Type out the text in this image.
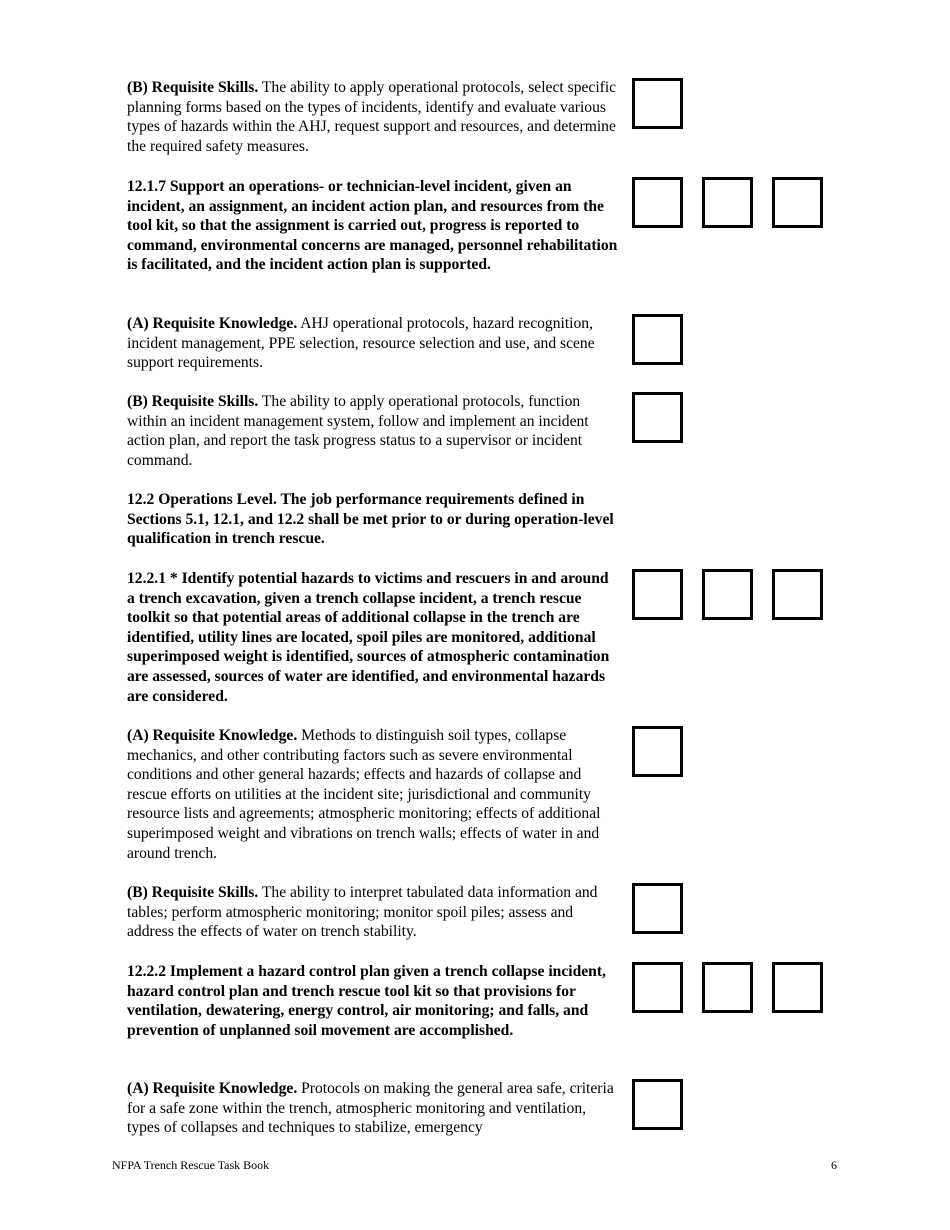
(B) Requisite Skills. The ability to apply operational protocols, select specific planning forms based on the types of incidents, identify and evaluate various types of hazards within the AHJ, request support and resources, and determine the required safety measures.
12.1.7 Support an operations- or technician-level incident, given an incident, an assignment, an incident action plan, and resources from the tool kit, so that the assignment is carried out, progress is reported to command, environmental concerns are managed, personnel rehabilitation is facilitated, and the incident action plan is supported.
(A) Requisite Knowledge. AHJ operational protocols, hazard recognition, incident management, PPE selection, resource selection and use, and scene support requirements.
(B) Requisite Skills. The ability to apply operational protocols, function within an incident management system, follow and implement an incident action plan, and report the task progress status to a supervisor or incident command.
12.2 Operations Level. The job performance requirements defined in Sections 5.1, 12.1, and 12.2 shall be met prior to or during operation-level qualification in trench rescue.
12.2.1 * Identify potential hazards to victims and rescuers in and around a trench excavation, given a trench collapse incident, a trench rescue toolkit so that potential areas of additional collapse in the trench are identified, utility lines are located, spoil piles are monitored, additional superimposed weight is identified, sources of atmospheric contamination are assessed, sources of water are identified, and environmental hazards are considered.
(A) Requisite Knowledge. Methods to distinguish soil types, collapse mechanics, and other contributing factors such as severe environmental conditions and other general hazards; effects and hazards of collapse and rescue efforts on utilities at the incident site; jurisdictional and community resource lists and agreements; atmospheric monitoring; effects of additional superimposed weight and vibrations on trench walls; effects of water in and around trench.
(B) Requisite Skills. The ability to interpret tabulated data information and tables; perform atmospheric monitoring; monitor spoil piles; assess and address the effects of water on trench stability.
12.2.2 Implement a hazard control plan given a trench collapse incident, hazard control plan and trench rescue tool kit so that provisions for ventilation, dewatering, energy control, air monitoring; and falls, and prevention of unplanned soil movement are accomplished.
(A) Requisite Knowledge. Protocols on making the general area safe, criteria for a safe zone within the trench, atmospheric monitoring and ventilation, types of collapses and techniques to stabilize, emergency
NFPA Trench Rescue Task Book	6
